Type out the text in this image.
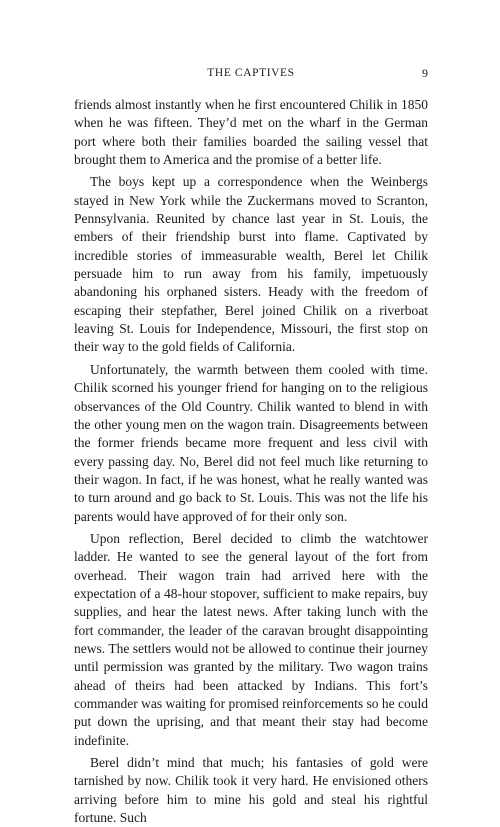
THE CAPTIVES	9

friends almost instantly when he first encountered Chilik in 1850 when he was fifteen. They’d met on the wharf in the German port where both their families boarded the sailing vessel that brought them to America and the promise of a better life.

The boys kept up a correspondence when the Weinbergs stayed in New York while the Zuckermans moved to Scranton, Pennsylvania. Reunited by chance last year in St. Louis, the embers of their friendship burst into flame. Captivated by incredible stories of immeasurable wealth, Berel let Chilik persuade him to run away from his family, impetuously abandoning his orphaned sisters. Heady with the freedom of escaping their stepfather, Berel joined Chilik on a riverboat leaving St. Louis for Independence, Missouri, the first stop on their way to the gold fields of California.

Unfortunately, the warmth between them cooled with time. Chilik scorned his younger friend for hanging on to the religious observances of the Old Country. Chilik wanted to blend in with the other young men on the wagon train. Disagreements between the former friends became more frequent and less civil with every passing day. No, Berel did not feel much like returning to their wagon. In fact, if he was honest, what he really wanted was to turn around and go back to St. Louis. This was not the life his parents would have approved of for their only son.

Upon reflection, Berel decided to climb the watchtower ladder. He wanted to see the general layout of the fort from overhead. Their wagon train had arrived here with the expectation of a 48-hour stopover, sufficient to make repairs, buy supplies, and hear the latest news. After taking lunch with the fort commander, the leader of the caravan brought disappointing news. The settlers would not be allowed to continue their journey until permission was granted by the military. Two wagon trains ahead of theirs had been attacked by Indians. This fort’s commander was waiting for promised reinforcements so he could put down the uprising, and that meant their stay had become indefinite.

Berel didn’t mind that much; his fantasies of gold were tarnished by now. Chilik took it very hard. He envisioned others arriving before him to mine his gold and steal his rightful fortune. Such
